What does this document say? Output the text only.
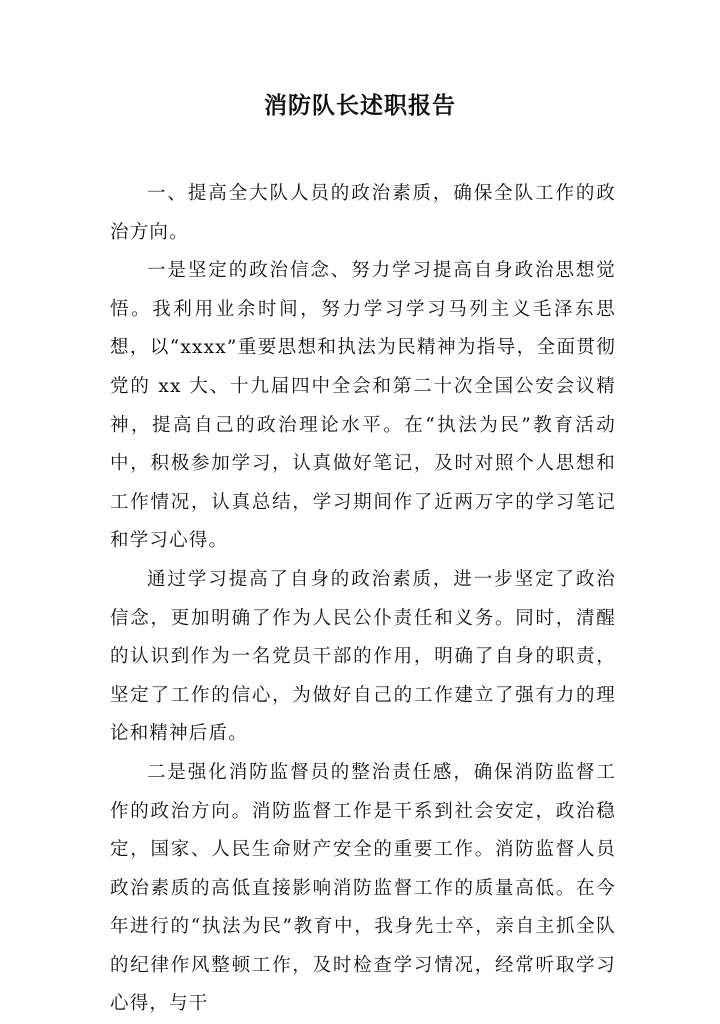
消防队长述职报告

一、提高全大队人员的政治素质，确保全队工作的政治方向。

一是坚定的政治信念、努力学习提高自身政治思想觉悟。我利用业余时间，努力学习学习马列主义毛泽东思想，以“xxxx”重要思想和执法为民精神为指导，全面贯彻党的 xx 大、十九届四中全会和第二十次全国公安会议精神，提高自己的政治理论水平。在“执法为民”教育活动中，积极参加学习，认真做好笔记，及时对照个人思想和工作情况，认真总结，学习期间作了近两万字的学习笔记和学习心得。

通过学习提高了自身的政治素质，进一步坚定了政治信念，更加明确了作为人民公仆责任和义务。同时，清醒的认识到作为一名党员干部的作用，明确了自身的职责，坚定了工作的信心，为做好自己的工作建立了强有力的理论和精神后盾。

二是强化消防监督员的整治责任感，确保消防监督工作的政治方向。消防监督工作是干系到社会安定，政治稳定，国家、人民生命财产安全的重要工作。消防监督人员政治素质的高低直接影响消防监督工作的质量高低。在今年进行的“执法为民”教育中，我身先士卒，亲自主抓全队的纪律作风整顿工作，及时检查学习情况，经常听取学习心得，与干
